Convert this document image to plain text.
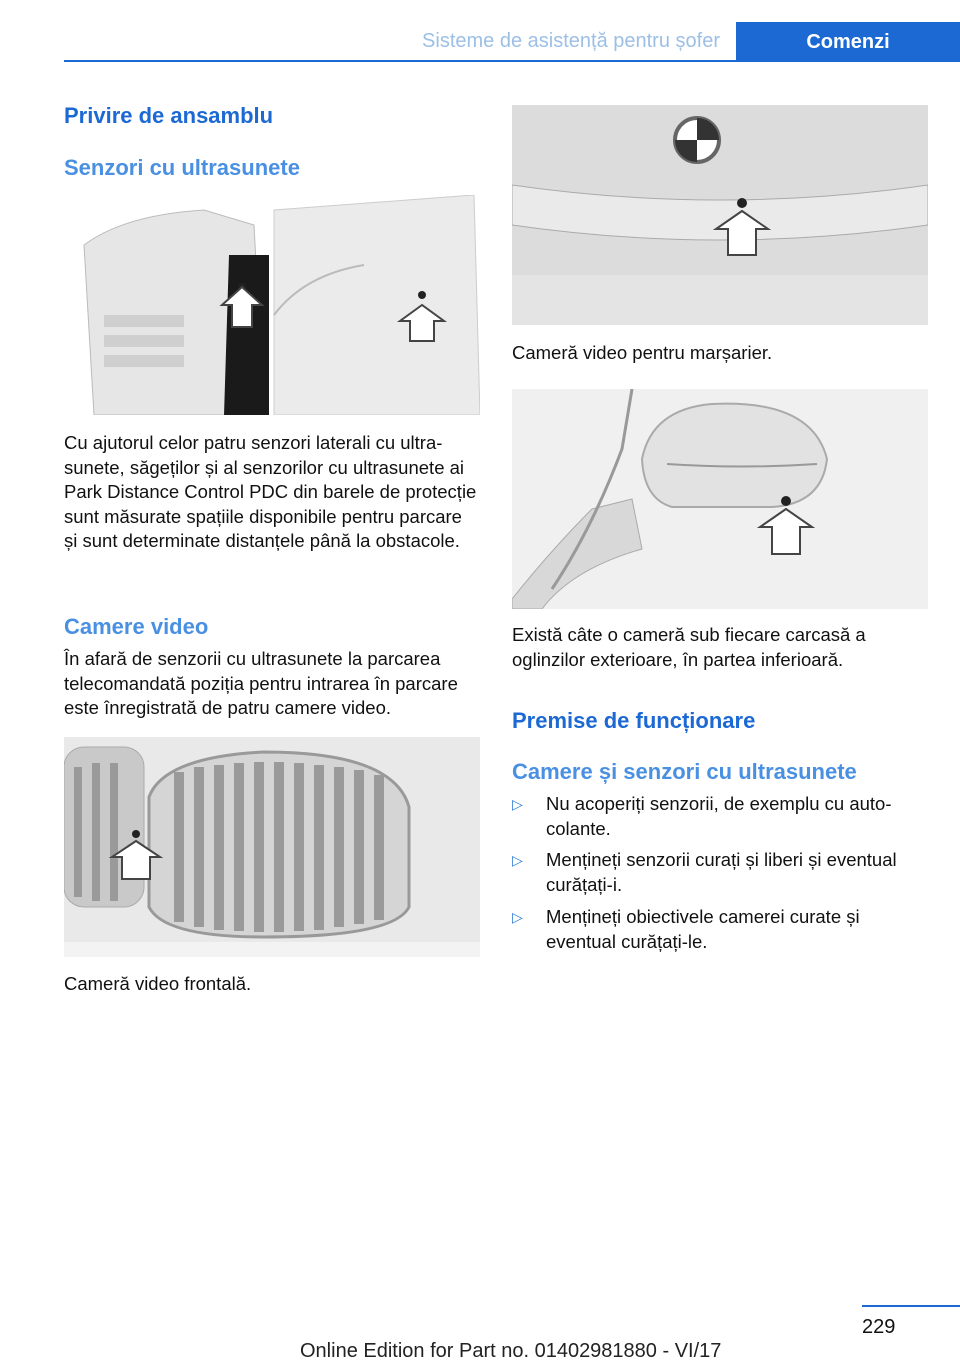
Sisteme de asistență pentru șofer	Comenzi
Privire de ansamblu
Senzori cu ultrasunete

Cu ajutorul celor patru senzori laterali cu ultrasunete, săgeților și al senzorilor cu ultrasunete ai Park Distance Control PDC din barele de protecție sunt măsurate spațiile disponibile pentru parcare și sunt determinate distanțele până la obstacole.

Camere video

În afară de senzorii cu ultrasunete la parcarea telecomandată poziția pentru intrarea în parcare este înregistrată de patru camere video.

Cameră video frontală.

Cameră video pentru marșarier.

Există câte o cameră sub fiecare carcasă a oglinzilor exterioare, în partea inferioară.

Premise de funcționare
Camere și senzori cu ultrasunete
▷ Nu acoperiți senzorii, de exemplu cu autocolante.
▷ Mențineți senzorii curați și liberi și eventual curățați-i.
▷ Mențineți obiectivele camerei curate și eventual curățați-le.
229
Online Edition for Part no. 01402981880 - VI/17
